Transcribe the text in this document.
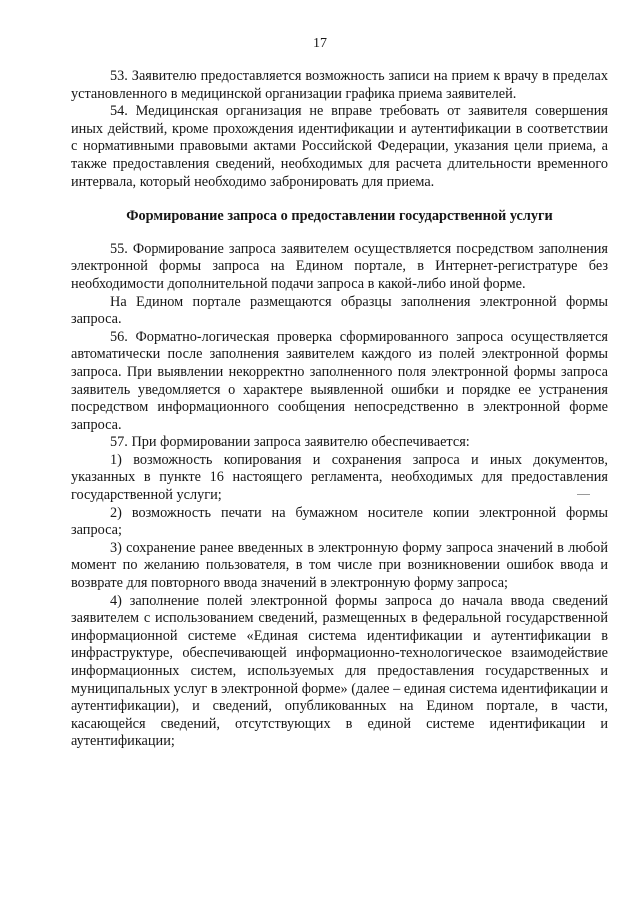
17

53. Заявителю предоставляется возможность записи на прием к врачу в пределах установленного в медицинской организации графика приема заявителей.

54. Медицинская организация не вправе требовать от заявителя совершения иных действий, кроме прохождения идентификации и аутентификации в соответствии с нормативными правовыми актами Российской Федерации, указания цели приема, а также предоставления сведений, необходимых для расчета длительности временного интервала, который необходимо забронировать для приема.

Формирование запроса о предоставлении государственной услуги

55. Формирование запроса заявителем осуществляется посредством заполнения электронной формы запроса на Едином портале, в Интернет-регистратуре без необходимости дополнительной подачи запроса в какой-либо иной форме.

На Едином портале размещаются образцы заполнения электронной формы запроса.

56. Форматно-логическая проверка сформированного запроса осуществляется автоматически после заполнения заявителем каждого из полей электронной формы запроса. При выявлении некорректно заполненного поля электронной формы запроса заявитель уведомляется о характере выявленной ошибки и порядке ее устранения посредством информационного сообщения непосредственно в электронной форме запроса.

57. При формировании запроса заявителю обеспечивается:

1) возможность копирования и сохранения запроса и иных документов, указанных в пункте 16 настоящего регламента, необходимых для предоставления государственной услуги;

2) возможность печати на бумажном носителе копии электронной формы запроса;

3) сохранение ранее введенных в электронную форму запроса значений в любой момент по желанию пользователя, в том числе при возникновении ошибок ввода и возврате для повторного ввода значений в электронную форму запроса;

4) заполнение полей электронной формы запроса до начала ввода сведений заявителем с использованием сведений, размещенных в федеральной государственной информационной системе «Единая система идентификации и аутентификации в инфраструктуре, обеспечивающей информационно-технологическое взаимодействие информационных систем, используемых для предоставления государственных и муниципальных услуг в электронной форме» (далее – единая система идентификации и аутентификации), и сведений, опубликованных на Едином портале, в части, касающейся сведений, отсутствующих в единой системе идентификации и аутентификации;
